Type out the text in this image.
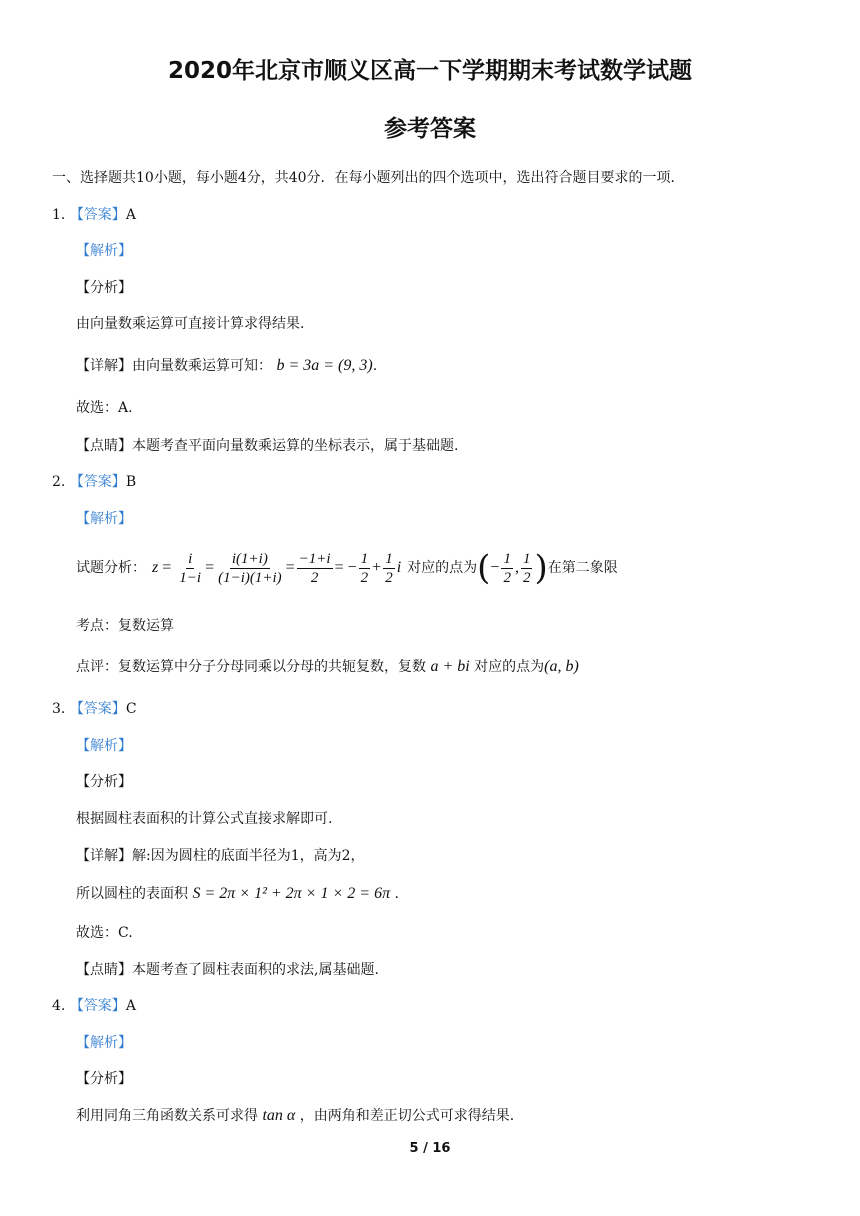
2020年北京市顺义区高一下学期期末考试数学试题
参考答案
一、选择题共10小题，每小题4分，共40分．在每小题列出的四个选项中，选出符合题目要求的一项．
1. 【答案】A
【解析】
【分析】
由向量数乘运算可直接计算求得结果.
【详解】由向量数乘运算可知： b = 3a = (9, 3).
故选：A.
【点睛】本题考查平面向量数乘运算的坐标表示，属于基础题.
2. 【答案】B
【解析】
试题分析： $z = \frac{i}{1-i} = \frac{i(1+i)}{(1-i)(1+i)} = \frac{-1+i}{2}$ = − $\frac{1}{2} + \frac{1}{2}$ i 对应的点为 ( − $\frac{1}{2}$ , $\frac{1}{2}$ ) 在第二象限
考点：复数运算
点评：复数运算中分子分母同乘以分母的共轭复数，复数 a + bi 对应的点为(a, b)
3. 【答案】C
【解析】
【分析】
根据圆柱表面积的计算公式直接求解即可.
【详解】解:因为圆柱的底面半径为1，高为2，
所以圆柱的表面积 S = 2π × 1² + 2π × 1 × 2 = 6π .
故选：C.
【点睛】本题考查了圆柱表面积的求法,属基础题.
4. 【答案】A
【解析】
【分析】
利用同角三角函数关系可求得 tan α ，由两角和差正切公式可求得结果.
5 / 16
